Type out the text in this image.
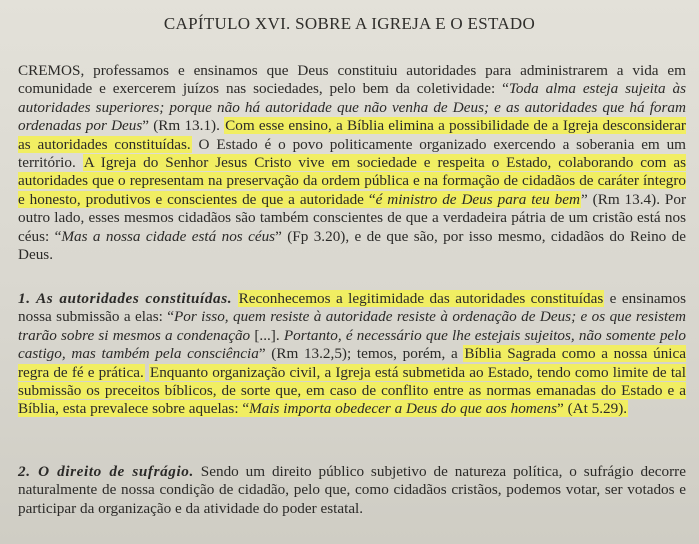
CAPÍTULO XVI. SOBRE A IGREJA E O ESTADO

CREMOS, professamos e ensinamos que Deus constituiu autoridades para administrarem a vida em comunidade e exercerem juízos nas sociedades, pelo bem da coletividade: “Toda alma esteja sujeita às autoridades superiores; porque não há autoridade que não venha de Deus; e as autoridades que há foram ordenadas por Deus” (Rm 13.1). Com esse ensino, a Bíblia elimina a possibilidade de a Igreja desconsiderar as autoridades constituídas. O Estado é o povo politicamente organizado exercendo a soberania em um território. A Igreja do Senhor Jesus Cristo vive em sociedade e respeita o Estado, colaborando com as autoridades que o representam na preservação da ordem pública e na formação de cidadãos de caráter íntegro e honesto, produtivos e conscientes de que a autoridade “é ministro de Deus para teu bem” (Rm 13.4). Por outro lado, esses mesmos cidadãos são também conscientes de que a verdadeira pátria de um cristão está nos céus: “Mas a nossa cidade está nos céus” (Fp 3.20), e de que são, por isso mesmo, cidadãos do Reino de Deus.

1. As autoridades constituídas. Reconhecemos a legitimidade das autoridades constituídas e ensinamos nossa submissão a elas: “Por isso, quem resiste à autoridade resiste à ordenação de Deus; e os que resistem trarão sobre si mesmos a condenação [...]. Portanto, é necessário que lhe estejais sujeitos, não somente pelo castigo, mas também pela consciência” (Rm 13.2,5); temos, porém, a Bíblia Sagrada como a nossa única regra de fé e prática. Enquanto organização civil, a Igreja está submetida ao Estado, tendo como limite de tal submissão os preceitos bíblicos, de sorte que, em caso de conflito entre as normas emanadas do Estado e a Bíblia, esta prevalece sobre aquelas: “Mais importa obedecer a Deus do que aos homens” (At 5.29).

2. O direito de sufrágio. Sendo um direito público subjetivo de natureza política, o sufrágio decorre naturalmente de nossa condição de cidadão, pelo que, como cidadãos cristãos, podemos votar, ser votados e participar da organização e da atividade do poder estatal.
